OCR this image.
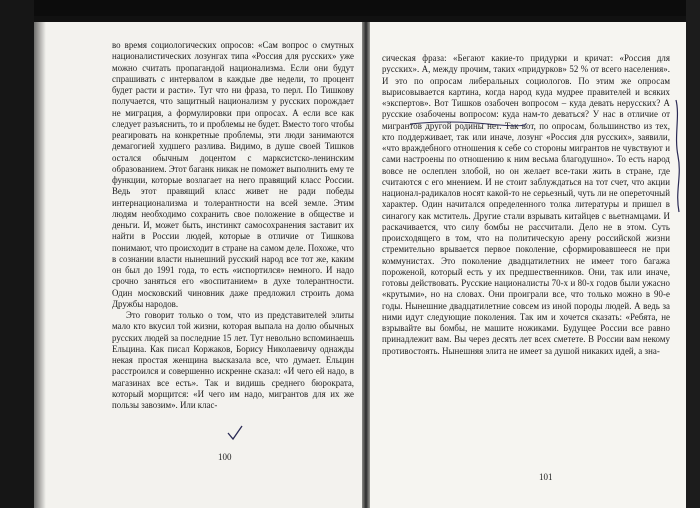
во время социологических опросов: «Сам вопрос о смутных националистических лозунгах типа «Россия для русских» уже можно считать пропагандой национализма. Если они будут спрашивать с интервалом в каждые две недели, то процент будет расти и расти». Тут что ни фраза, то перл. По Тишкову получается, что защитный национализм у русских порождает не миграция, а формулировки при опросах. А если все как следует разъяснить, то и проблемы не будет. Вместо того чтобы реагировать на конкретные проблемы, эти люди занимаются демагогией худшего разлива. Видимо, в душе своей Тишков остался обычным доцентом с марксистско-ленинским образованием. Этот баганк никак не поможет выполнить ему те функции, которые возлагает на него правящий класс России. Ведь этот правящий класс живет не ради победы интернационализма и толерантности на всей земле. Этим людям необходимо сохранить свое положение в обществе и деньги. И, может быть, инстинкт самосохранения заставит их найти в России людей, которые в отличие от Тишкова понимают, что происходит в стране на самом деле. Похоже, что в сознании власти нынешний русский народ все тот же, каким он был до 1991 года, то есть «испортился» немного. И надо срочно заняться его «воспитанием» в духе толерантности. Один московский чиновник даже предложил строить дома Дружбы народов.

Это говорит только о том, что из представителей элиты мало кто вкусил той жизни, которая выпала на долю обычных русских людей за последние 15 лет. Тут невольно вспоминаешь Ельцина. Как писал Коржаков, Борису Николаевичу однажды некая простая женщина высказала все, что думает. Ельцин расстроился и совершенно искренне сказал: «И чего ей надо, в магазинах все есть». Так и видишь среднего бюрократа, который морщится: «И чего им надо, мигрантов для их же пользы завозим». Или клас-

100

сическая фраза: «Бегают какие-то придурки и кричат: «Россия для русских». А, между прочим, таких «придурков» 52 % от всего населения». И это по опросам либеральных социологов. По этим же опросам вырисовывается картина, когда народ куда мудрее правителей и всяких «экспертов». Вот Тишков озабочен вопросом – куда девать нерусских? А русские озабочены вопросом: куда нам-то деваться? У нас в отличие от мигрантов другой родины нет. Так вот, по опросам, большинство из тех, кто поддерживает, так или иначе, лозунг «Россия для русских», заявили, «что враждебного отношения к себе со стороны мигрантов не чувствуют и сами настроены по отношению к ним весьма благодушно». То есть народ вовсе не ослеплен злобой, но он желает все-таки жить в стране, где считаются с его мнением. И не стоит заблуждаться на тот счет, что акции национал-радикалов носят какой-то не серьезный, чуть ли не опереточный характер. Один начитался определенного толка литературы и пришел в синагогу как мститель. Другие стали взрывать китайцев с вьетнамцами. И раскачивается, что силу бомбы не рассчитали. Дело не в этом. Суть происходящего в том, что на политическую арену российской жизни стремительно врывается первое поколение, сформировавшееся не при коммунистах. Это поколение двадцатилетних не имеет того багажа пороженой, который есть у их предшественников. Они, так или иначе, готовы действовать. Русские националисты 70-х и 80-х годов были ужасно «крутыми», но на словах. Они проиграли все, что только можно в 90-е годы. Нынешние двадцатилетние совсем из иной породы людей. А ведь за ними идут следующие поколения. Так им и хочется сказать: «Ребята, не взрывайте вы бомбы, не машите ножиками. Будущее России все равно принадлежит вам. Вы через десять лет всех сметете. В России вам некому противостоять. Нынешняя элита не имеет за душой никаких идей, а зна-

101
